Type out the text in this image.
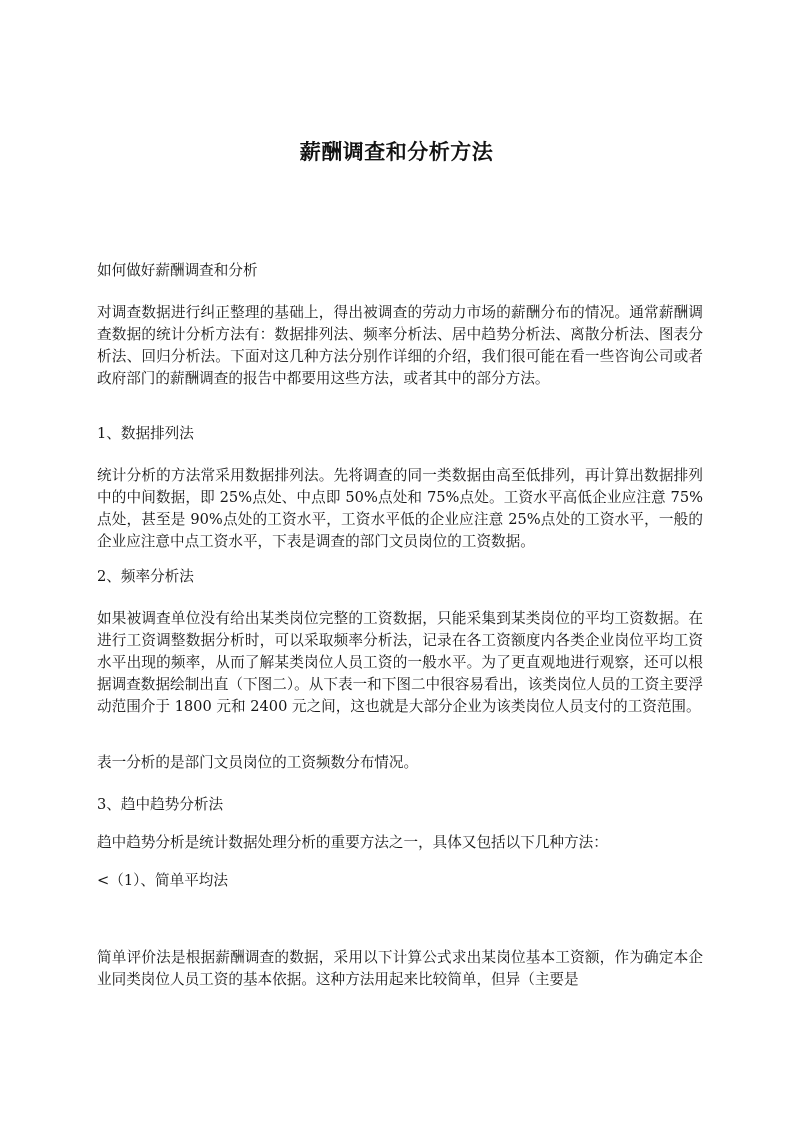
薪酬调查和分析方法
如何做好薪酬调查和分析
对调查数据进行纠正整理的基础上，得出被调查的劳动力市场的薪酬分布的情况。通常薪酬调查数据的统计分析方法有：数据排列法、频率分析法、居中趋势分析法、离散分析法、图表分析法、回归分析法。下面对这几种方法分别作详细的介绍，我们很可能在看一些咨询公司或者政府部门的薪酬调查的报告中都要用这些方法，或者其中的部分方法。
1、数据排列法
统计分析的方法常采用数据排列法。先将调查的同一类数据由高至低排列，再计算出数据排列中的中间数据，即 25%点处、中点即 50%点处和 75%点处。工资水平高低企业应注意 75%点处，甚至是 90%点处的工资水平，工资水平低的企业应注意 25%点处的工资水平，一般的企业应注意中点工资水平，下表是调查的部门文员岗位的工资数据。
2、频率分析法
如果被调查单位没有给出某类岗位完整的工资数据，只能采集到某类岗位的平均工资数据。在进行工资调整数据分析时，可以采取频率分析法，记录在各工资额度内各类企业岗位平均工资水平出现的频率，从而了解某类岗位人员工资的一般水平。为了更直观地进行观察，还可以根据调查数据绘制出直（下图二）。从下表一和下图二中很容易看出，该类岗位人员的工资主要浮动范围介于 1800 元和 2400 元之间，这也就是大部分企业为该类岗位人员支付的工资范围。
表一分析的是部门文员岗位的工资频数分布情况。
3、趋中趋势分析法
趋中趋势分析是统计数据处理分析的重要方法之一，具体又包括以下几种方法：
<（1）、简单平均法
简单评价法是根据薪酬调查的数据，采用以下计算公式求出某岗位基本工资额，作为确定本企业同类岗位人员工资的基本依据。这种方法用起来比较简单，但异（主要是
